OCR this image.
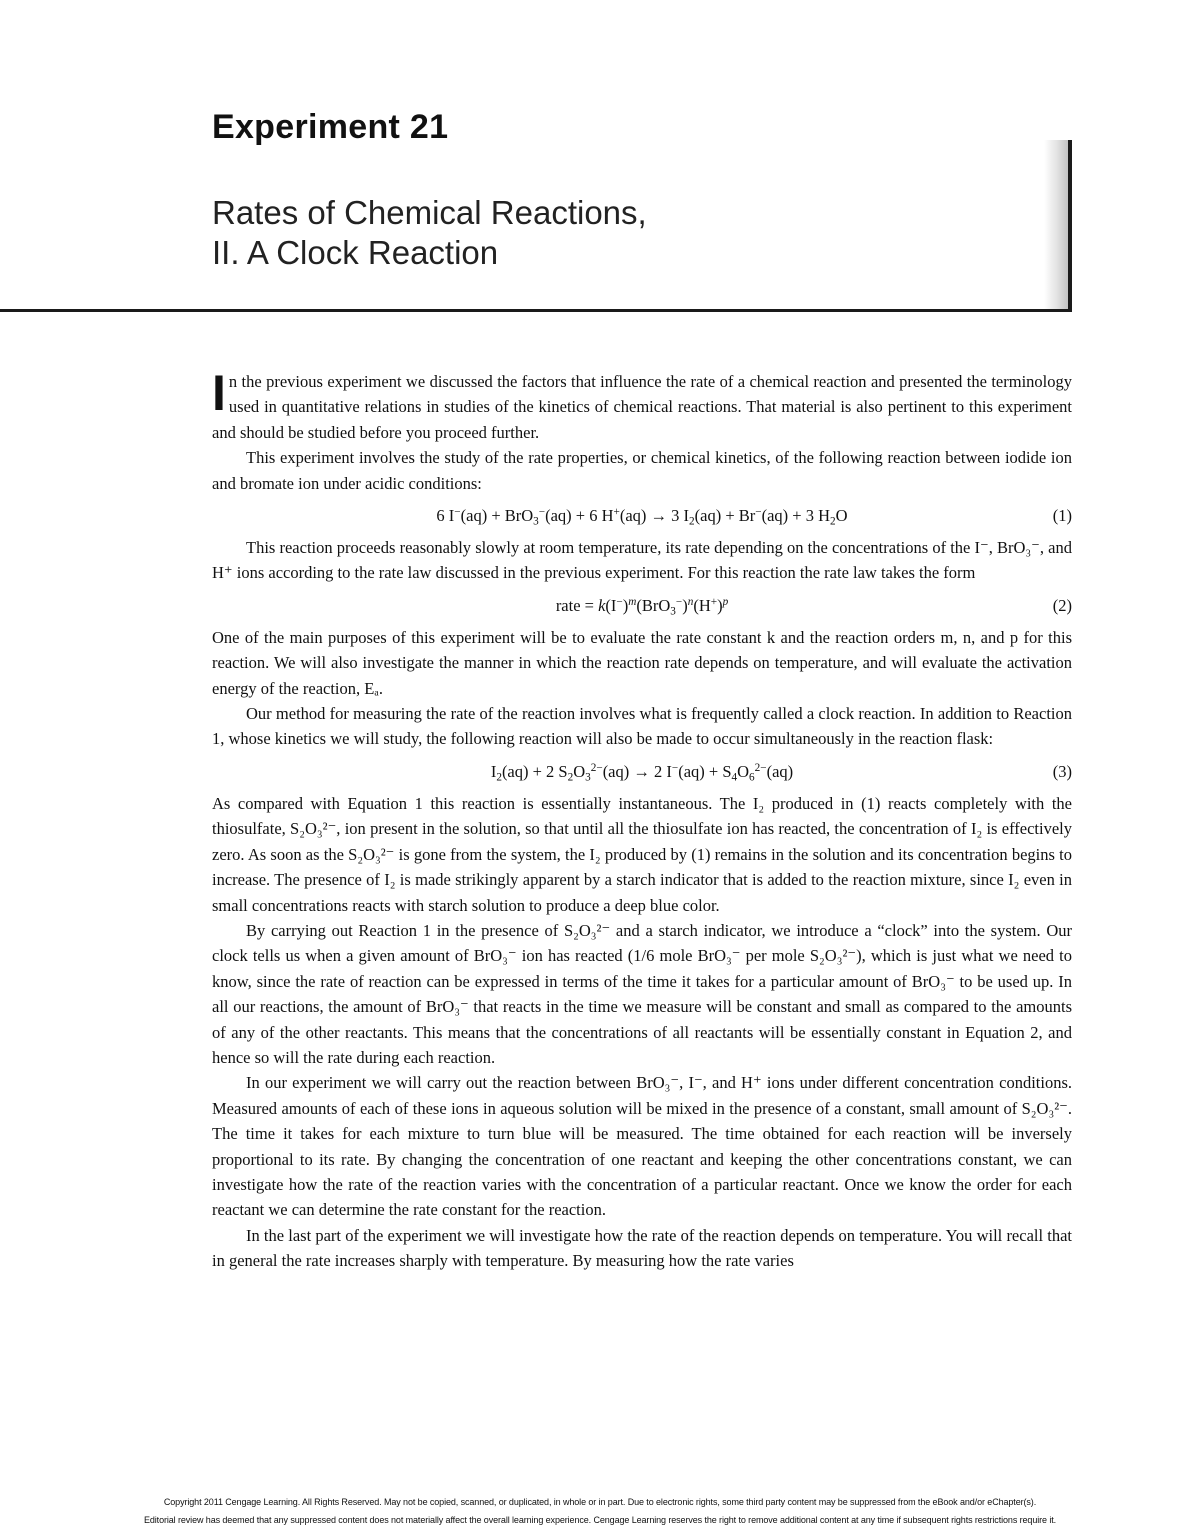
Experiment 21
Rates of Chemical Reactions,
II. A Clock Reaction

In the previous experiment we discussed the factors that influence the rate of a chemical reaction and presented the terminology used in quantitative relations in studies of the kinetics of chemical reactions. That material is also pertinent to this experiment and should be studied before you proceed further.

This experiment involves the study of the rate properties, or chemical kinetics, of the following reaction between iodide ion and bromate ion under acidic conditions:

6 I−(aq) + BrO$_3$−(aq) + 6 H+(aq) → 3 $I_2(aq) + Br^-(aq) + 3$ $H_2O$	(1)

This reaction proceeds reasonably slowly at room temperature, its rate depending on the concentrations of the I⁻, BrO₃⁻, and H⁺ ions according to the rate law discussed in the previous experiment. For this reaction the rate law takes the form

rate = $k(I^-)^m(BrO_3^-)^n(H^+)^p$	(2)

One of the main purposes of this experiment will be to evaluate the rate constant k and the reaction orders m, n, and p for this reaction. We will also investigate the manner in which the reaction rate depends on temperature, and will evaluate the activation energy of the reaction, Eₐ.

Our method for measuring the rate of the reaction involves what is frequently called a clock reaction. In addition to Reaction 1, whose kinetics we will study, the following reaction will also be made to occur simultaneously in the reaction flask:

$I_2(aq) + 2$ $S_2O_3^{2-}(aq) \to 2$ $I^-(aq) + S_4O_6^{2-}(aq)$	(3)

As compared with Equation 1 this reaction is essentially instantaneous. The I₂ produced in (1) reacts completely with the thiosulfate, S₂O₃²⁻, ion present in the solution, so that until all the thiosulfate ion has reacted, the concentration of I₂ is effectively zero. As soon as the S₂O₃²⁻ is gone from the system, the I₂ produced by (1) remains in the solution and its concentration begins to increase. The presence of I₂ is made strikingly apparent by a starch indicator that is added to the reaction mixture, since I₂ even in small concentrations reacts with starch solution to produce a deep blue color.

By carrying out Reaction 1 in the presence of S₂O₃²⁻ and a starch indicator, we introduce a “clock” into the system. Our clock tells us when a given amount of BrO₃⁻ ion has reacted (1/6 mole BrO₃⁻ per mole S₂O₃²⁻), which is just what we need to know, since the rate of reaction can be expressed in terms of the time it takes for a particular amount of BrO₃⁻ to be used up. In all our reactions, the amount of BrO₃⁻ that reacts in the time we measure will be constant and small as compared to the amounts of any of the other reactants. This means that the concentrations of all reactants will be essentially constant in Equation 2, and hence so will the rate during each reaction.

In our experiment we will carry out the reaction between BrO₃⁻, I⁻, and H⁺ ions under different concentration conditions. Measured amounts of each of these ions in aqueous solution will be mixed in the presence of a constant, small amount of S₂O₃²⁻. The time it takes for each mixture to turn blue will be measured. The time obtained for each reaction will be inversely proportional to its rate. By changing the concentration of one reactant and keeping the other concentrations constant, we can investigate how the rate of the reaction varies with the concentration of a particular reactant. Once we know the order for each reactant we can determine the rate constant for the reaction.

In the last part of the experiment we will investigate how the rate of the reaction depends on temperature. You will recall that in general the rate increases sharply with temperature. By measuring how the rate varies

Copyright 2011 Cengage Learning. All Rights Reserved. May not be copied, scanned, or duplicated, in whole or in part. Due to electronic rights, some third party content may be suppressed from the eBook and/or eChapter(s).
Editorial review has deemed that any suppressed content does not materially affect the overall learning experience. Cengage Learning reserves the right to remove additional content at any time if subsequent rights restrictions require it.
